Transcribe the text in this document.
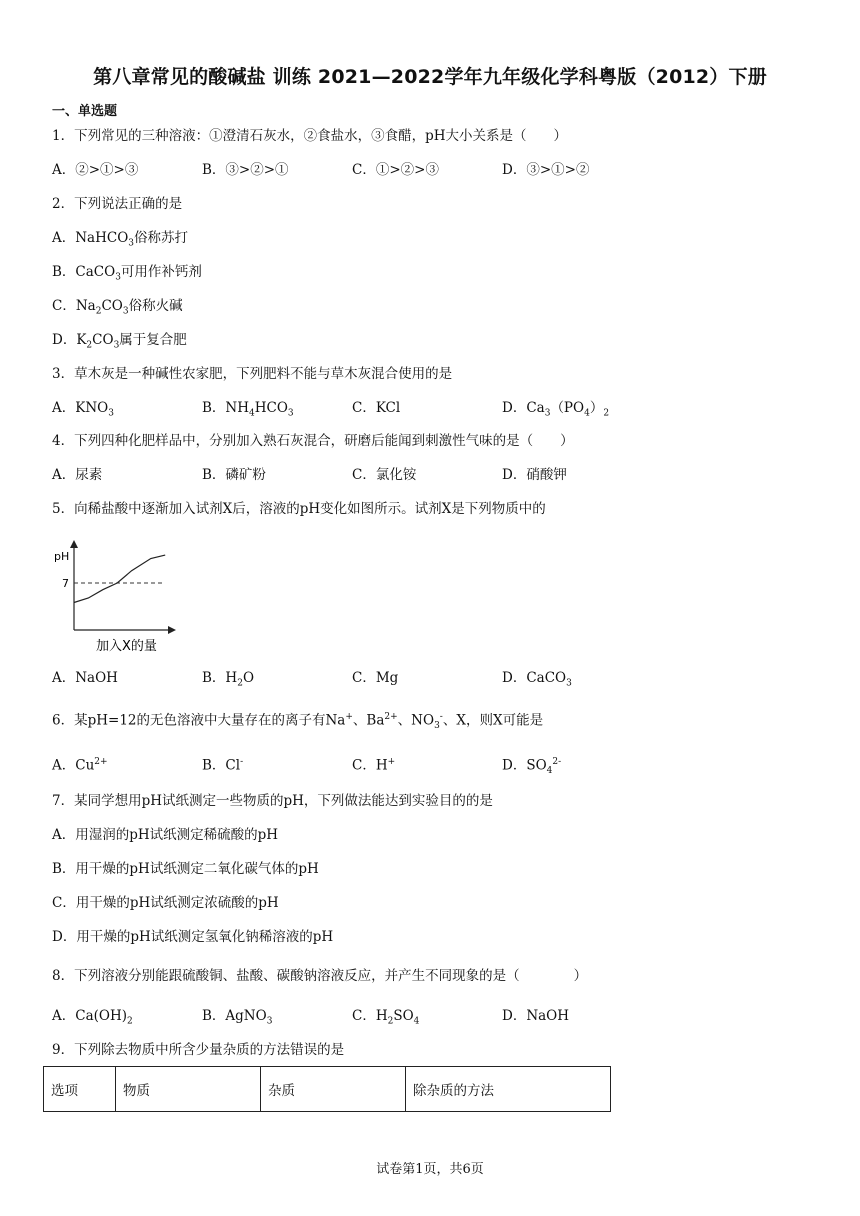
第八章常见的酸碱盐 训练 2021—2022学年九年级化学科粤版（2012）下册
一、单选题
1．下列常见的三种溶液：①澄清石灰水，②食盐水，③食醋，pH大小关系是（　　）
A．②>①>③	B．③>②>①	C．①>②>③	D．③>①>②
2．下列说法正确的是
A．NaHCO$_3$俗称苏打
B．CaCO$_3$可用作补钙剂
C．$Na_2CO_3$俗称火碱
D．$K_2CO_3$属于复合肥
3．草木灰是一种碱性农家肥，下列肥料不能与草木灰混合使用的是
A．$KNO_3$	B．$NH_4HCO_3$	C．KCl	D．$Ca_3(PO_4)_2$
4．下列四种化肥样品中，分别加入熟石灰混合，研磨后能闻到刺激性气味的是（　　）
A．尿素	B．磷矿粉	C．氯化铵	D．硝酸钾
5．向稀盐酸中逐渐加入试剂X后，溶液的pH变化如图所示。试剂X是下列物质中的
pH
7
加入X的量
A．NaOH	B．$H_2O$	C．Mg	D．CaCO$_3$
6．某pH=12的无色溶液中大量存在的离子有Na+、$Ba^{2+}$、$NO_3^-$、X，则X可能是
A．$Cu^{2+}$	B．Cl-	C．H+	D．$SO_4^{2-}$
7．某同学想用pH试纸测定一些物质的pH，下列做法能达到实验目的的是
A．用湿润的pH试纸测定稀硫酸的pH
B．用干燥的pH试纸测定二氧化碳气体的pH
C．用干燥的pH试纸测定浓硫酸的pH
D．用干燥的pH试纸测定氢氧化钠稀溶液的pH
8．下列溶液分别能跟硫酸铜、盐酸、碳酸钠溶液反应，并产生不同现象的是（　　　　）
A．$Ca(OH)_2$	B．AgNO$_3$	C．$H_2SO_4$	D．NaOH
9．下列除去物质中所含少量杂质的方法错误的是
选项	物质	杂质	除杂质的方法
试卷第1页，共6页
